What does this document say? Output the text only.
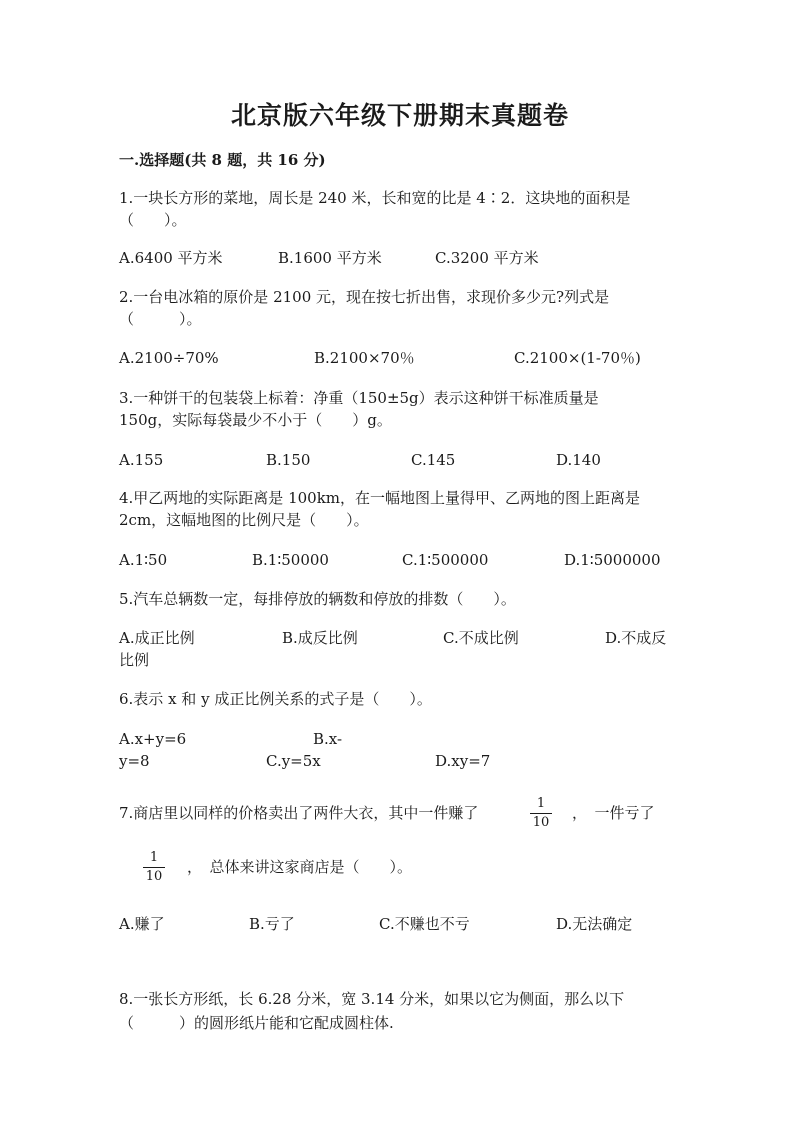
北京版六年级下册期末真题卷
一.选择题(共 8 题，共 16 分)
1.一块长方形的菜地，周长是 240 米，长和宽的比是 4∶2．这块地的面积是
（　　）。
A.6400 平方米	B.1600 平方米	C.3200 平方米
2.一台电冰箱的原价是 2100 元，现在按七折出售，求现价多少元?列式是
（　　　）。
A.2100÷70%	B.2100×70％	C.2100×(1-70％)
3.一种饼干的包装袋上标着：净重（150±5g）表示这种饼干标准质量是
150g，实际每袋最少不小于（　　）g。
A.155	B.150	C.145	D.140
4.甲乙两地的实际距离是 100km，在一幅地图上量得甲、乙两地的图上距离是
2cm，这幅地图的比例尺是（　　）。
A.1∶50	B.1∶50000	C.1∶500000	D.1∶5000000
5.汽车总辆数一定，每排停放的辆数和停放的排数（　　）。
A.成正比例	B.成反比例	C.不成比例	D.不成反
比例
6.表示 x 和 y 成正比例关系的式子是（　　）。
A.x+y=6	B.x-
y=8	C.y=5x	D.xy=7
7.商店里以同样的价格卖出了两件大衣，其中一件赚了
1
10
，　一件亏了
1
10
，　总体来讲这家商店是（　　）。
A.赚了	B.亏了	C.不赚也不亏	D.无法确定
8.一张长方形纸，长 6.28 分米，宽 3.14 分米，如果以它为侧面，那么以下
（　　　）的圆形纸片能和它配成圆柱体.
